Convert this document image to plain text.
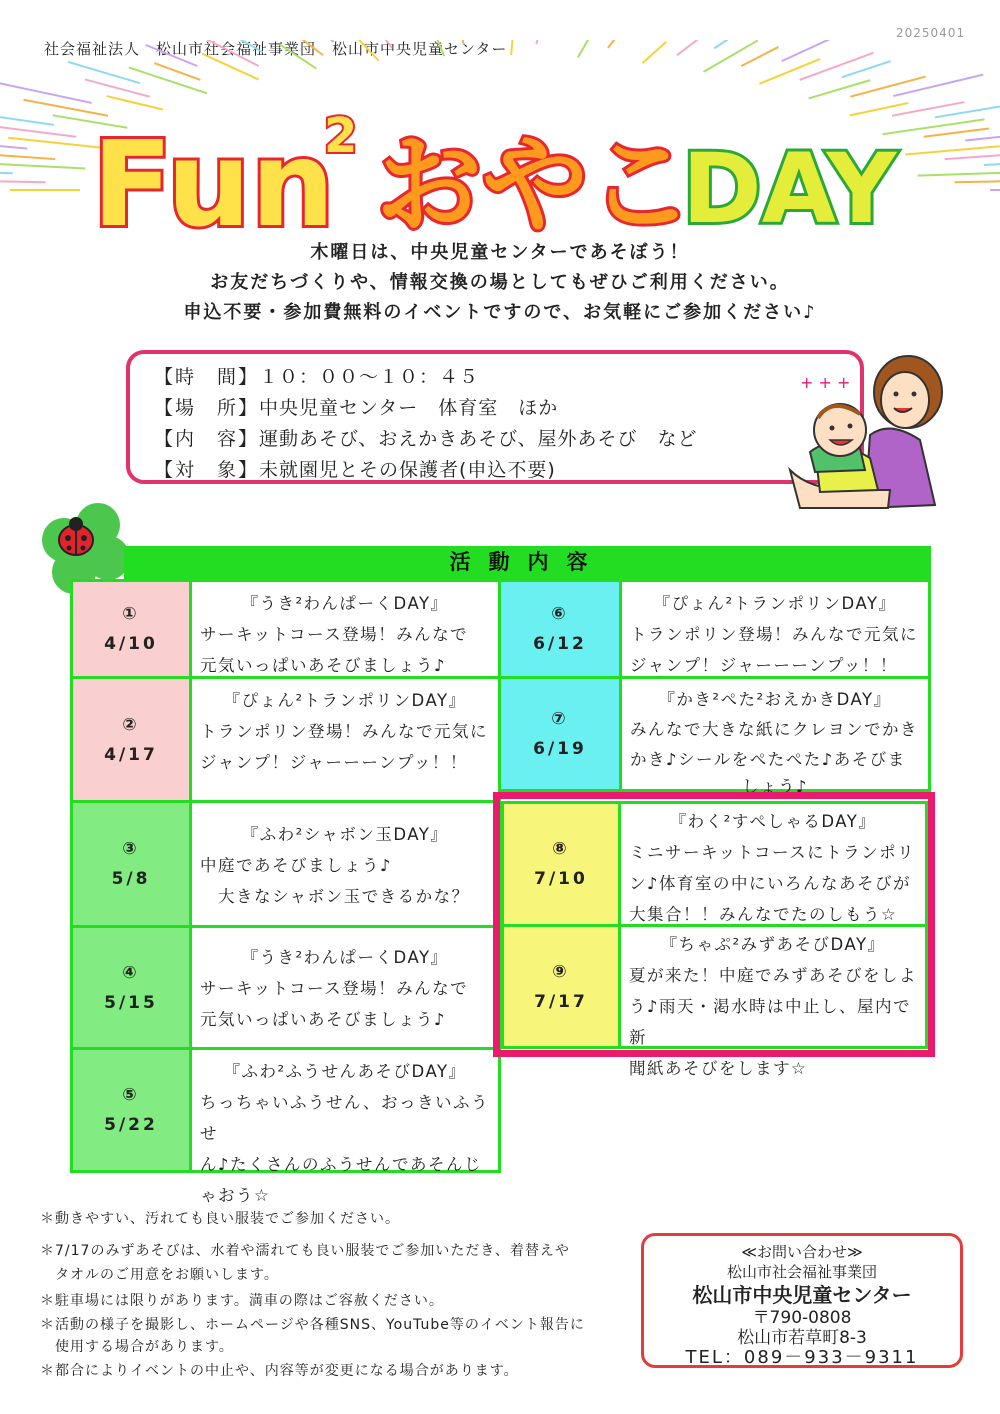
社会福祉法人　松山市社会福祉事業団　松山市中央児童センター
20250401
Fun
2 おやこ
DAY
木曜日は、中央児童センターであそぼう！
お友だちづくりや、情報交換の場としてもぜひご利用ください。
申込不要・参加費無料のイベントですので、お気軽にご参加ください♪
【時　間】１０：００～１０：４５
【場　所】中央児童センター　体育室　ほか
【内　容】運動あそび、おえかきあそび、屋外あそび　など
【対　象】未就園児とその保護者(申込不要)
+ + +
活動内容
①
4/10
『うき²わんぱーくDAY』
サーキットコース登場！みんなで
元気いっぱいあそびましょう♪
②
4/17
『ぴょん²トランポリンDAY』
トランポリン登場！みんなで元気に
ジャンプ！ジャーーーンプッ！！
③
5/8
『ふわ²シャボン玉DAY』
中庭であそびましょう♪
　大きなシャボン玉できるかな？
④
5/15
『うき²わんぱーくDAY』
サーキットコース登場！みんなで
元気いっぱいあそびましょう♪
⑤
5/22
『ふわ²ふうせんあそびDAY』
ちっちゃいふうせん、おっきいふうせ
ん♪たくさんのふうせんであそんじ
ゃおう☆
⑥
6/12
『ぴょん²トランポリンDAY』
トランポリン登場！みんなで元気に
ジャンプ！ジャーーーンプッ！！
⑦
6/19
『かき²ぺた²おえかきDAY』
みんなで大きな紙にクレヨンでかき
かき♪シールをぺたぺた♪あそびま
しょう♪
⑧
7/10
『わく²すぺしゃるDAY』
ミニサーキットコースにトランポリ
ン♪体育室の中にいろんなあそびが
大集合！！みんなでたのしもう☆
⑨
7/17
『ちゃぷ²みずあそびDAY』
夏が来た！中庭でみずあそびをしよ
う♪雨天・渇水時は中止し、屋内で新
聞紙あそびをします☆
＊動きやすい、汚れても良い服装でご参加ください。
＊7/17のみずあそびは、水着や濡れても良い服装でご参加いただき、着替えや
　タオルのご用意をお願いします。
＊駐車場には限りがあります。満車の際はご容赦ください。
＊活動の様子を撮影し、ホームページや各種SNS、YouTube等のイベント報告に
　使用する場合があります。
＊都合によりイベントの中止や、内容等が変更になる場合があります。
≪お問い合わせ≫
松山市社会福祉事業団
松山市中央児童センター
〒790-0808
松山市若草町8-3
TEL：089－933－9311
